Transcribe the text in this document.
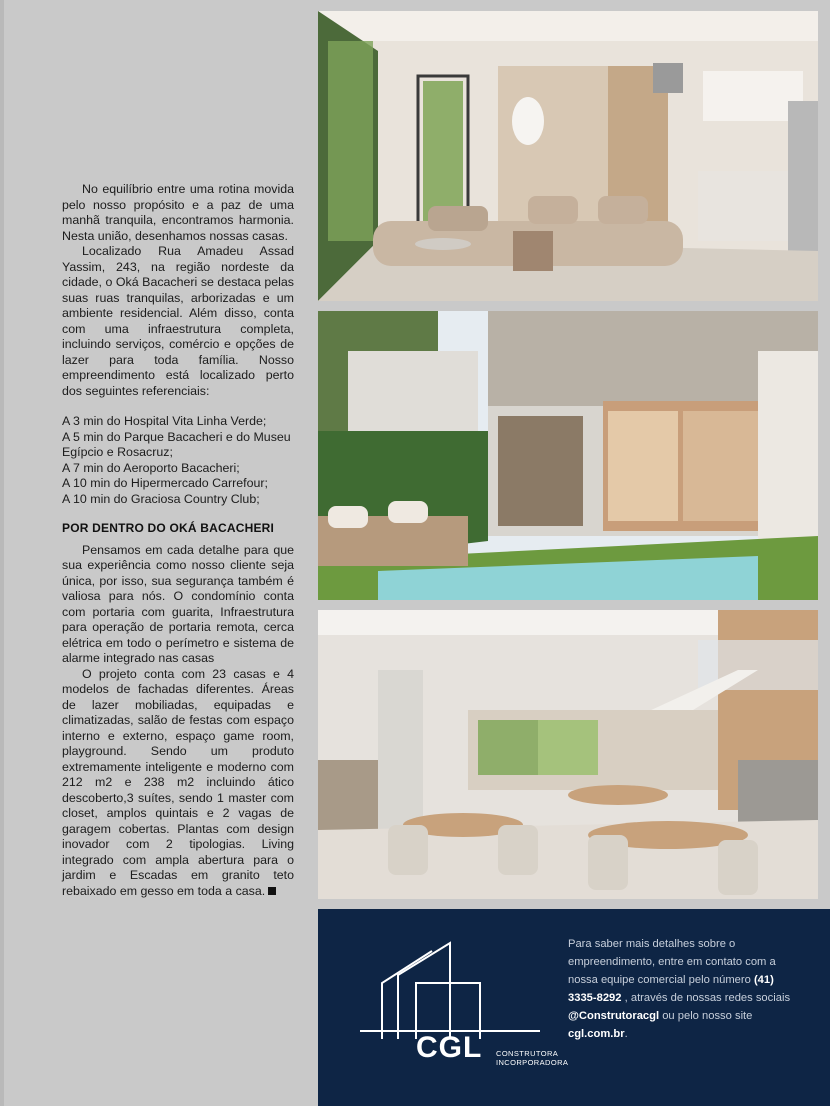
No equilíbrio entre uma rotina movida pelo nosso propósito e a paz de uma manhã tranquila, encontramos harmonia. Nesta união, desenhamos nossas casas.

Localizado Rua Amadeu Assad Yassim, 243, na região nordeste da cidade, o Oká Bacacheri se destaca pelas suas ruas tranquilas, arborizadas e um ambiente residencial. Além disso, conta com uma infraestrutura completa, incluindo serviços, comércio e opções de lazer para toda família. Nosso empreendimento está localizado perto dos seguintes referenciais:

A 3 min do Hospital Vita Linha Verde;
A 5 min do Parque Bacacheri e do Museu Egípcio e Rosacruz;
A 7 min do Aeroporto Bacacheri;
A 10 min do Hipermercado Carrefour;
A 10 min do Graciosa Country Club;
POR DENTRO DO OKÁ BACACHERI

Pensamos em cada detalhe para que sua experiência como nosso cliente seja única, por isso, sua segurança também é valiosa para nós. O condomínio conta com portaria com guarita, Infraestrutura para operação de portaria remota, cerca elétrica em todo o perímetro e sistema de alarme integrado nas casas

O projeto conta com 23 casas e 4 modelos de fachadas diferentes. Áreas de lazer mobiliadas, equipadas e climatizadas, salão de festas com espaço interno e externo, espaço game room, playground. Sendo um produto extremamente inteligente e moderno com 212 m2 e 238 m2 incluindo ático descoberto,3 suítes, sendo 1 master com closet, amplos quintais e 2 vagas de garagem cobertas. Plantas com design inovador com 2 tipologias. Living integrado com ampla abertura para o jardim e Escadas em granito teto rebaixado em gesso em toda a casa.

CGL CONSTRUTORA
INCORPORADORA
Para saber mais detalhes sobre o empreendimento, entre em contato com a nossa equipe comercial pelo número (41) 3335-8292 , através de nossas redes sociais @Construtoracgl ou pelo nosso site cgl.com.br.
